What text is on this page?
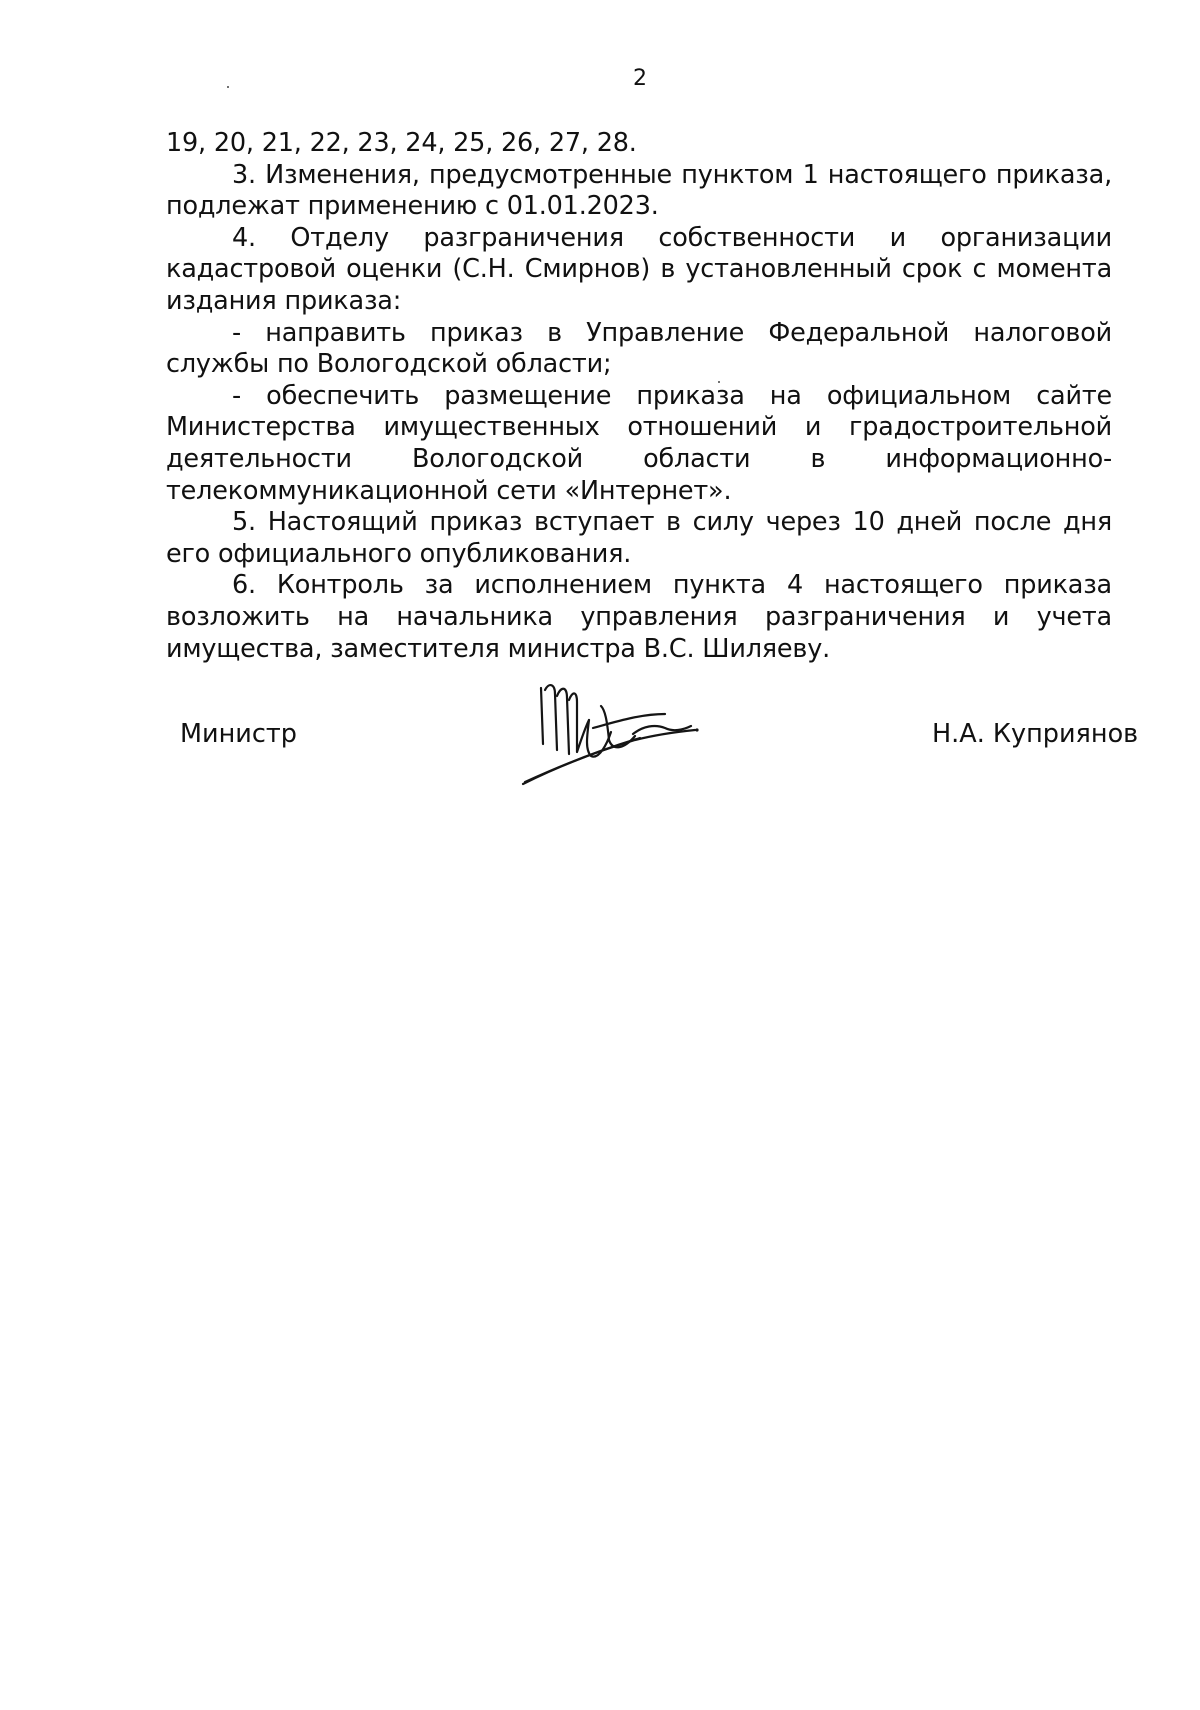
2

19, 20, 21, 22, 23, 24, 25, 26, 27, 28.

3. Изменения, предусмотренные пунктом 1 настоящего приказа, подлежат применению с 01.01.2023.

4. Отделу разграничения собственности и организации кадастровой оценки (С.Н. Смирнов) в установленный срок с момента издания приказа:

- направить приказ в Управление Федеральной налоговой службы по Вологодской области;

- обеспечить размещение приказа на официальном сайте Министерства имущественных отношений и градостроительной деятельности Вологодской области в информационно-телекоммуникационной сети «Интернет».

5. Настоящий приказ вступает в силу через 10 дней после дня его официального опубликования.

6. Контроль за исполнением пункта 4 настоящего приказа возложить на начальника управления разграничения и учета имущества, заместителя министра В.С. Шиляеву.

Министр	Н.А. Куприянов
